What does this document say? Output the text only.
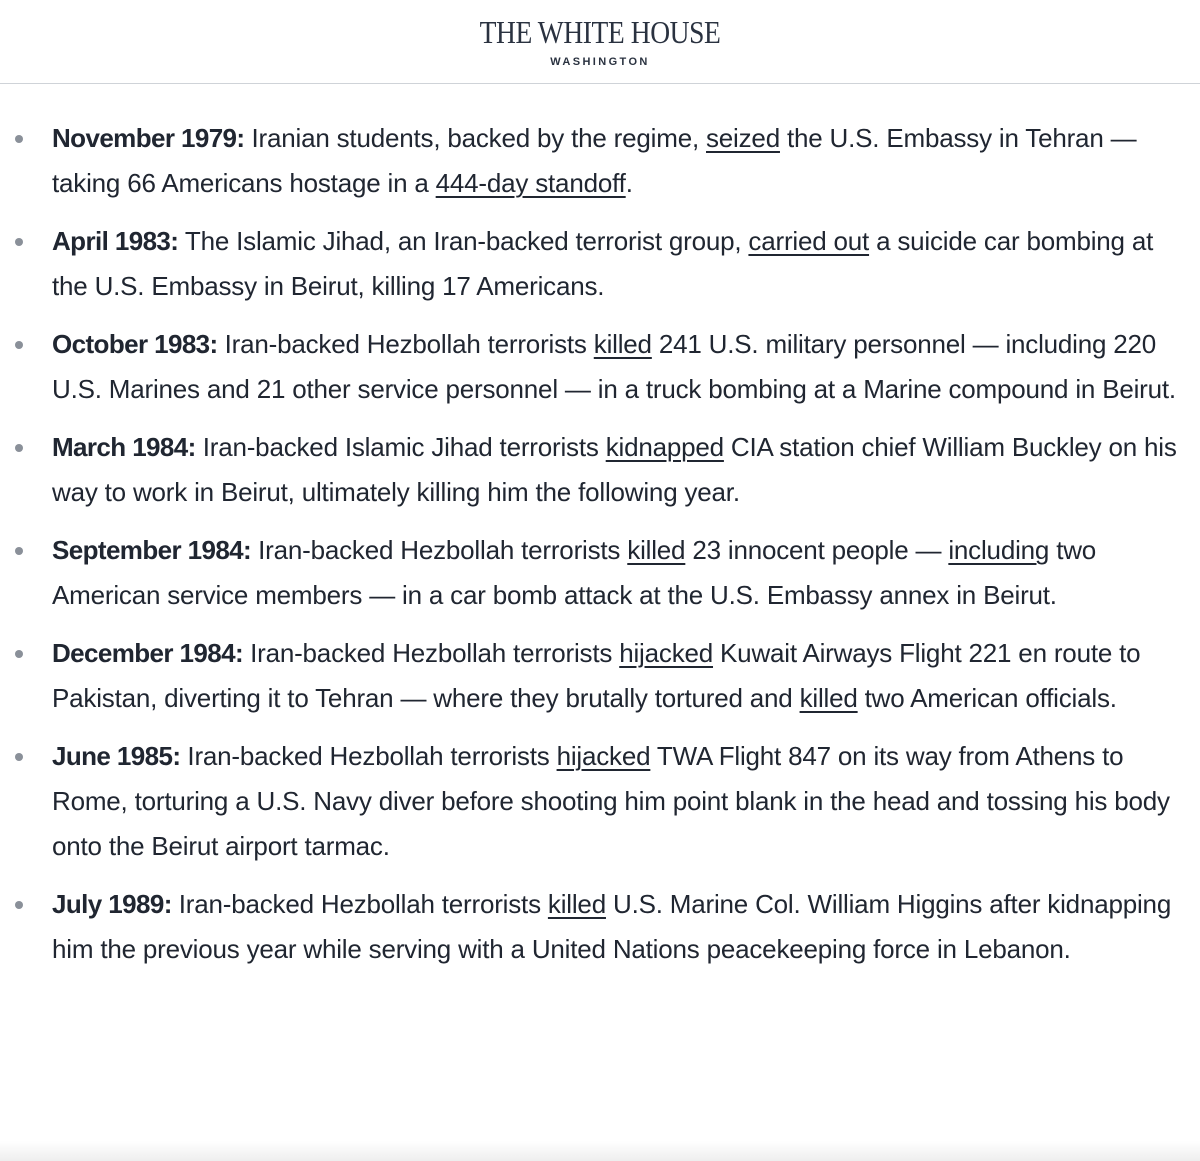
THE WHITE HOUSE
WASHINGTON
November 1979: Iranian students, backed by the regime, seized the U.S. Embassy in Tehran — taking 66 Americans hostage in a 444-day standoff.
April 1983: The Islamic Jihad, an Iran-backed terrorist group, carried out a suicide car bombing at the U.S. Embassy in Beirut, killing 17 Americans.
October 1983: Iran-backed Hezbollah terrorists killed 241 U.S. military personnel — including 220 U.S. Marines and 21 other service personnel — in a truck bombing at a Marine compound in Beirut.
March 1984: Iran-backed Islamic Jihad terrorists kidnapped CIA station chief William Buckley on his way to work in Beirut, ultimately killing him the following year.
September 1984: Iran-backed Hezbollah terrorists killed 23 innocent people — including two American service members — in a car bomb attack at the U.S. Embassy annex in Beirut.
December 1984: Iran-backed Hezbollah terrorists hijacked Kuwait Airways Flight 221 en route to Pakistan, diverting it to Tehran — where they brutally tortured and killed two American officials.
June 1985: Iran-backed Hezbollah terrorists hijacked TWA Flight 847 on its way from Athens to Rome, torturing a U.S. Navy diver before shooting him point blank in the head and tossing his body onto the Beirut airport tarmac.
July 1989: Iran-backed Hezbollah terrorists killed U.S. Marine Col. William Higgins after kidnapping him the previous year while serving with a United Nations peacekeeping force in Lebanon.
